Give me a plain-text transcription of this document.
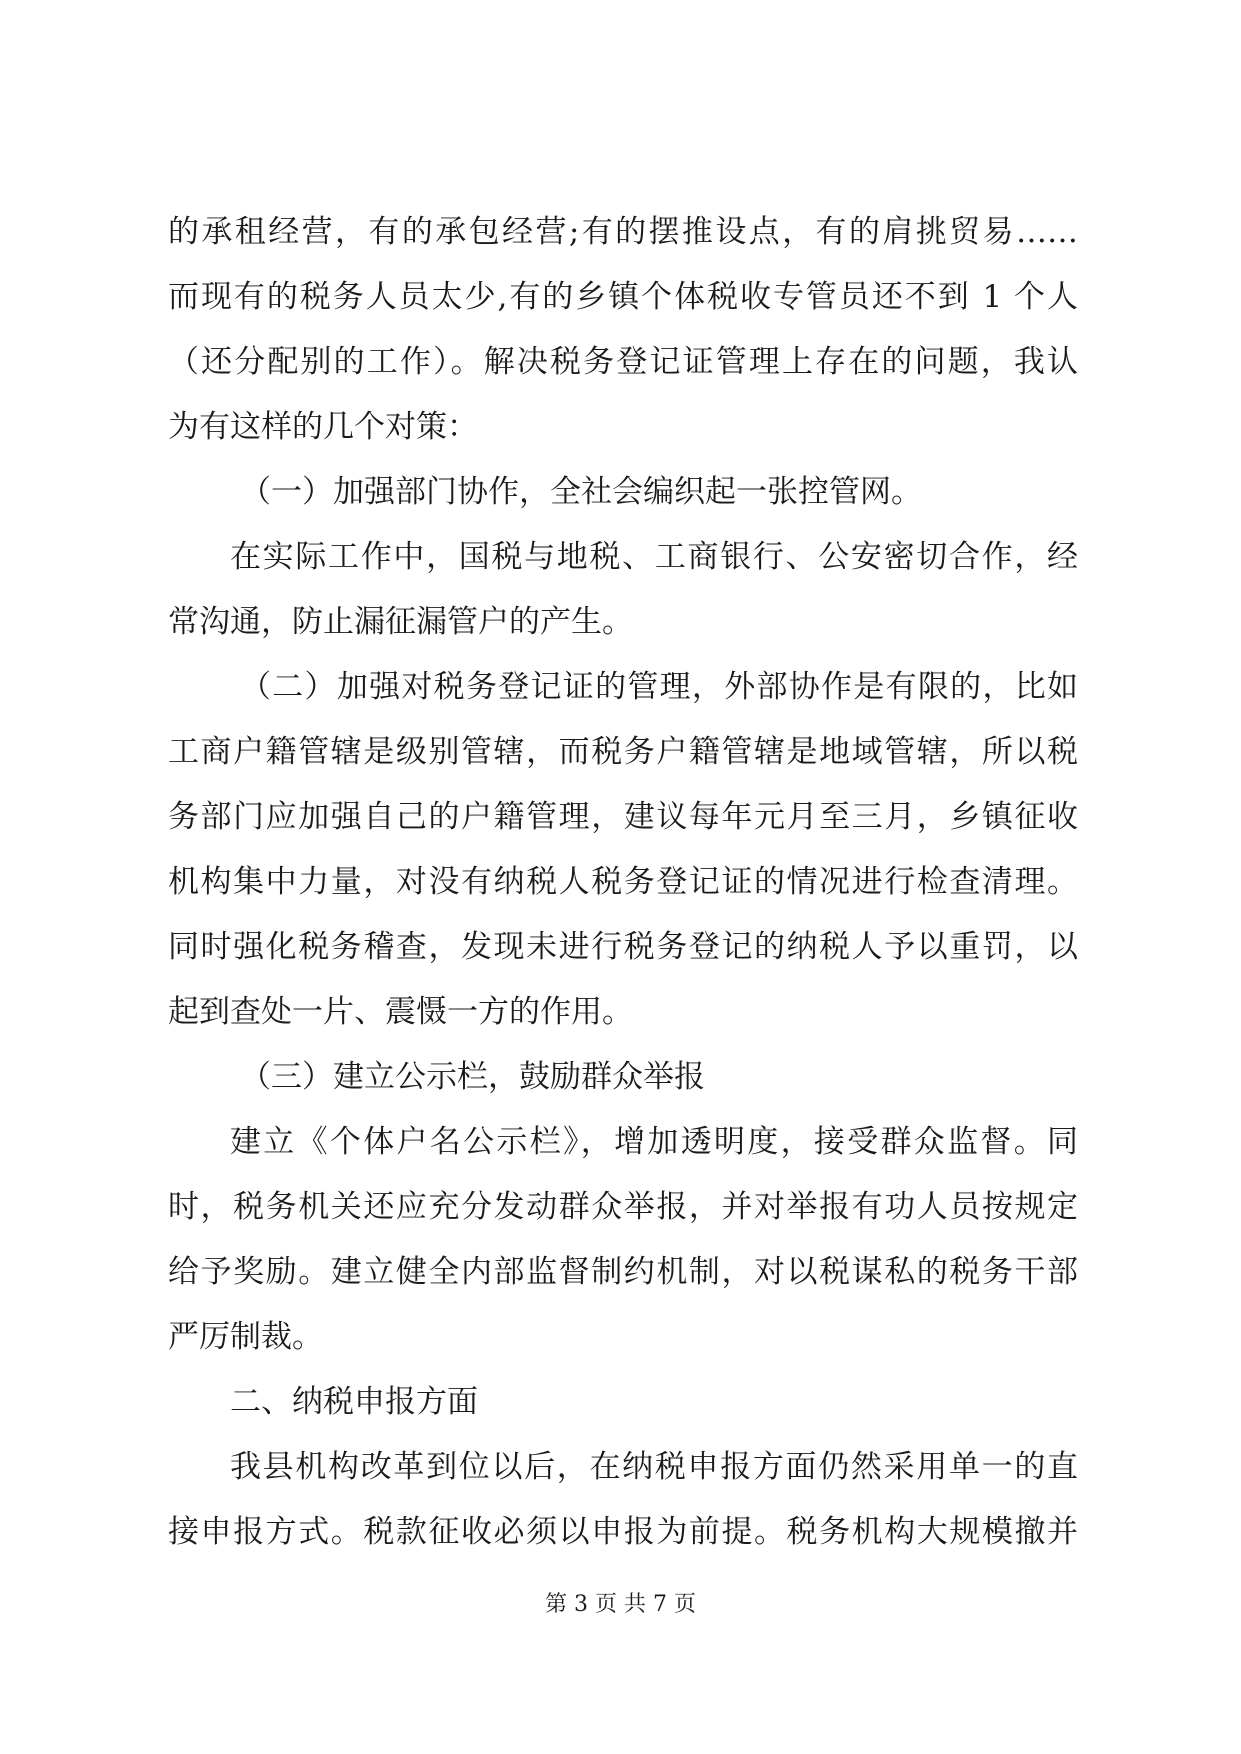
的承租经营，有的承包经营;有的摆推设点，有的肩挑贸易……
而现有的税务人员太少,有的乡镇个体税收专管员还不到 1 个人
（还分配别的工作）。解决税务登记证管理上存在的问题，我认
为有这样的几个对策：
（一）加强部门协作，全社会编织起一张控管网。
在实际工作中，国税与地税、工商银行、公安密切合作，经
常沟通，防止漏征漏管户的产生。
（二）加强对税务登记证的管理，外部协作是有限的，比如
工商户籍管辖是级别管辖，而税务户籍管辖是地域管辖，所以税
务部门应加强自己的户籍管理，建议每年元月至三月，乡镇征收
机构集中力量，对没有纳税人税务登记证的情况进行检查清理。
同时强化税务稽查，发现未进行税务登记的纳税人予以重罚，以
起到查处一片、震慑一方的作用。
（三）建立公示栏，鼓励群众举报
建立《个体户名公示栏》，增加透明度，接受群众监督。同
时，税务机关还应充分发动群众举报，并对举报有功人员按规定
给予奖励。建立健全内部监督制约机制，对以税谋私的税务干部
严厉制裁。
二、纳税申报方面
我县机构改革到位以后，在纳税申报方面仍然采用单一的直
接申报方式。税款征收必须以申报为前提。税务机构大规模撤并
第 3 页 共 7 页
